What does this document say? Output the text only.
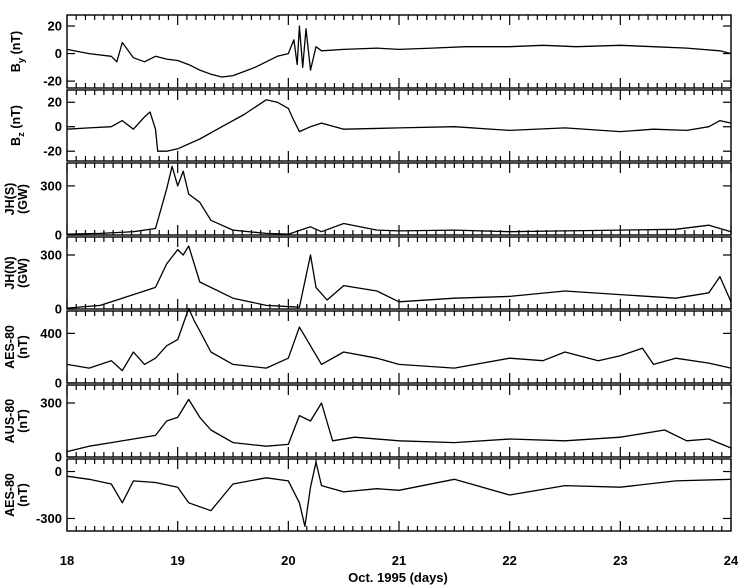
20
0
-20
$B_y$ (nT)
20
0
-20
$B_z$ (nT)
300
0
JH(S)(GW)
300
0
JH(N)(GW)
400
0
AES-80(nT)
300
0
AUS-80(nT)
0
-300
AES-80(nT)
18	19	20	21	22	23	24
Oct. 1995 (days)
